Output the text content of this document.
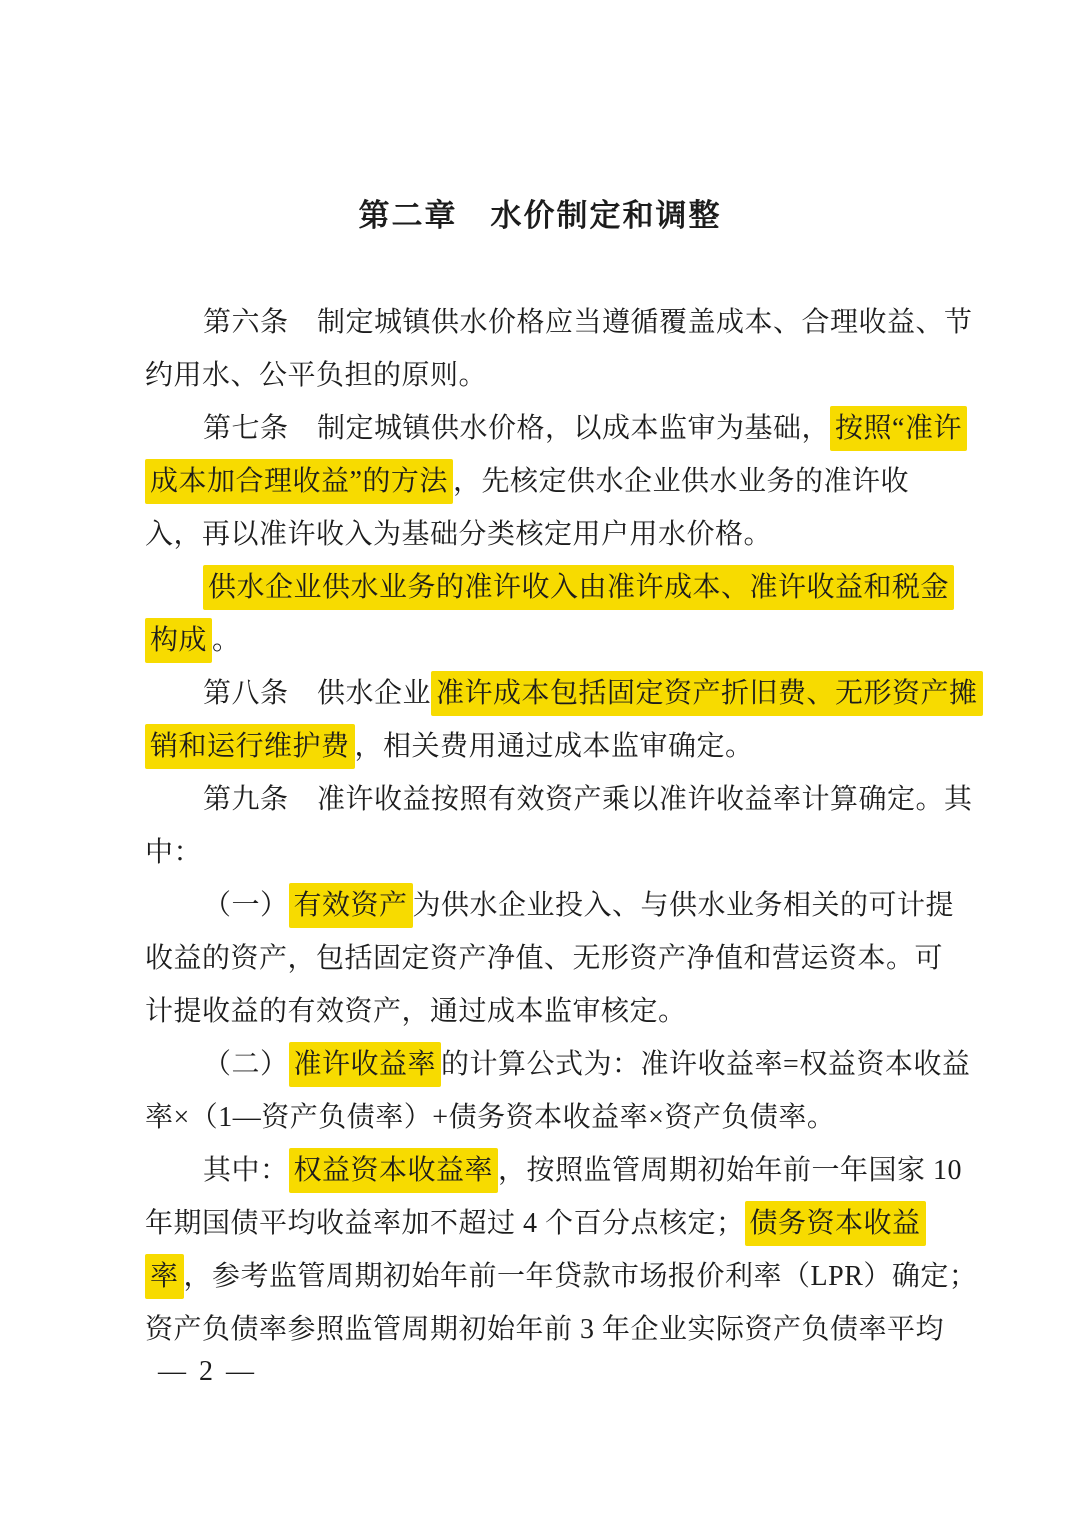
第二章　水价制定和调整
第六条　制定城镇供水价格应当遵循覆盖成本、合理收益、节
约用水、公平负担的原则。
第七条　制定城镇供水价格，以成本监审为基础， 按照“准许
成本加合理收益”的方法 ，先核定供水企业供水业务的准许收
入，再以准许收入为基础分类核定用户用水价格。
供水企业供水业务的准许收入由准许成本、准许收益和税金
构成 。
第八条　供水企业 准许成本包括固定资产折旧费、无形资产摊
销和运行维护费 ，相关费用通过成本监审确定。
第九条　准许收益按照有效资产乘以准许收益率计算确定。其
中：
（一） 有效资产 为供水企业投入、与供水业务相关的可计提
收益的资产，包括固定资产净值、无形资产净值和营运资本。可
计提收益的有效资产，通过成本监审核定。
（二） 准许收益率 的计算公式为：准许收益率=权益资本收益
率×（1—资产负债率）+债务资本收益率×资产负债率。
其中： 权益资本收益率 ，按照监管周期初始年前一年国家 10
年期国债平均收益率加不超过 4 个百分点核定； 债务资本收益
率 ，参考监管周期初始年前一年贷款市场报价利率（LPR）确定；
资产负债率参照监管周期初始年前 3 年企业实际资产负债率平均
— 2 —
